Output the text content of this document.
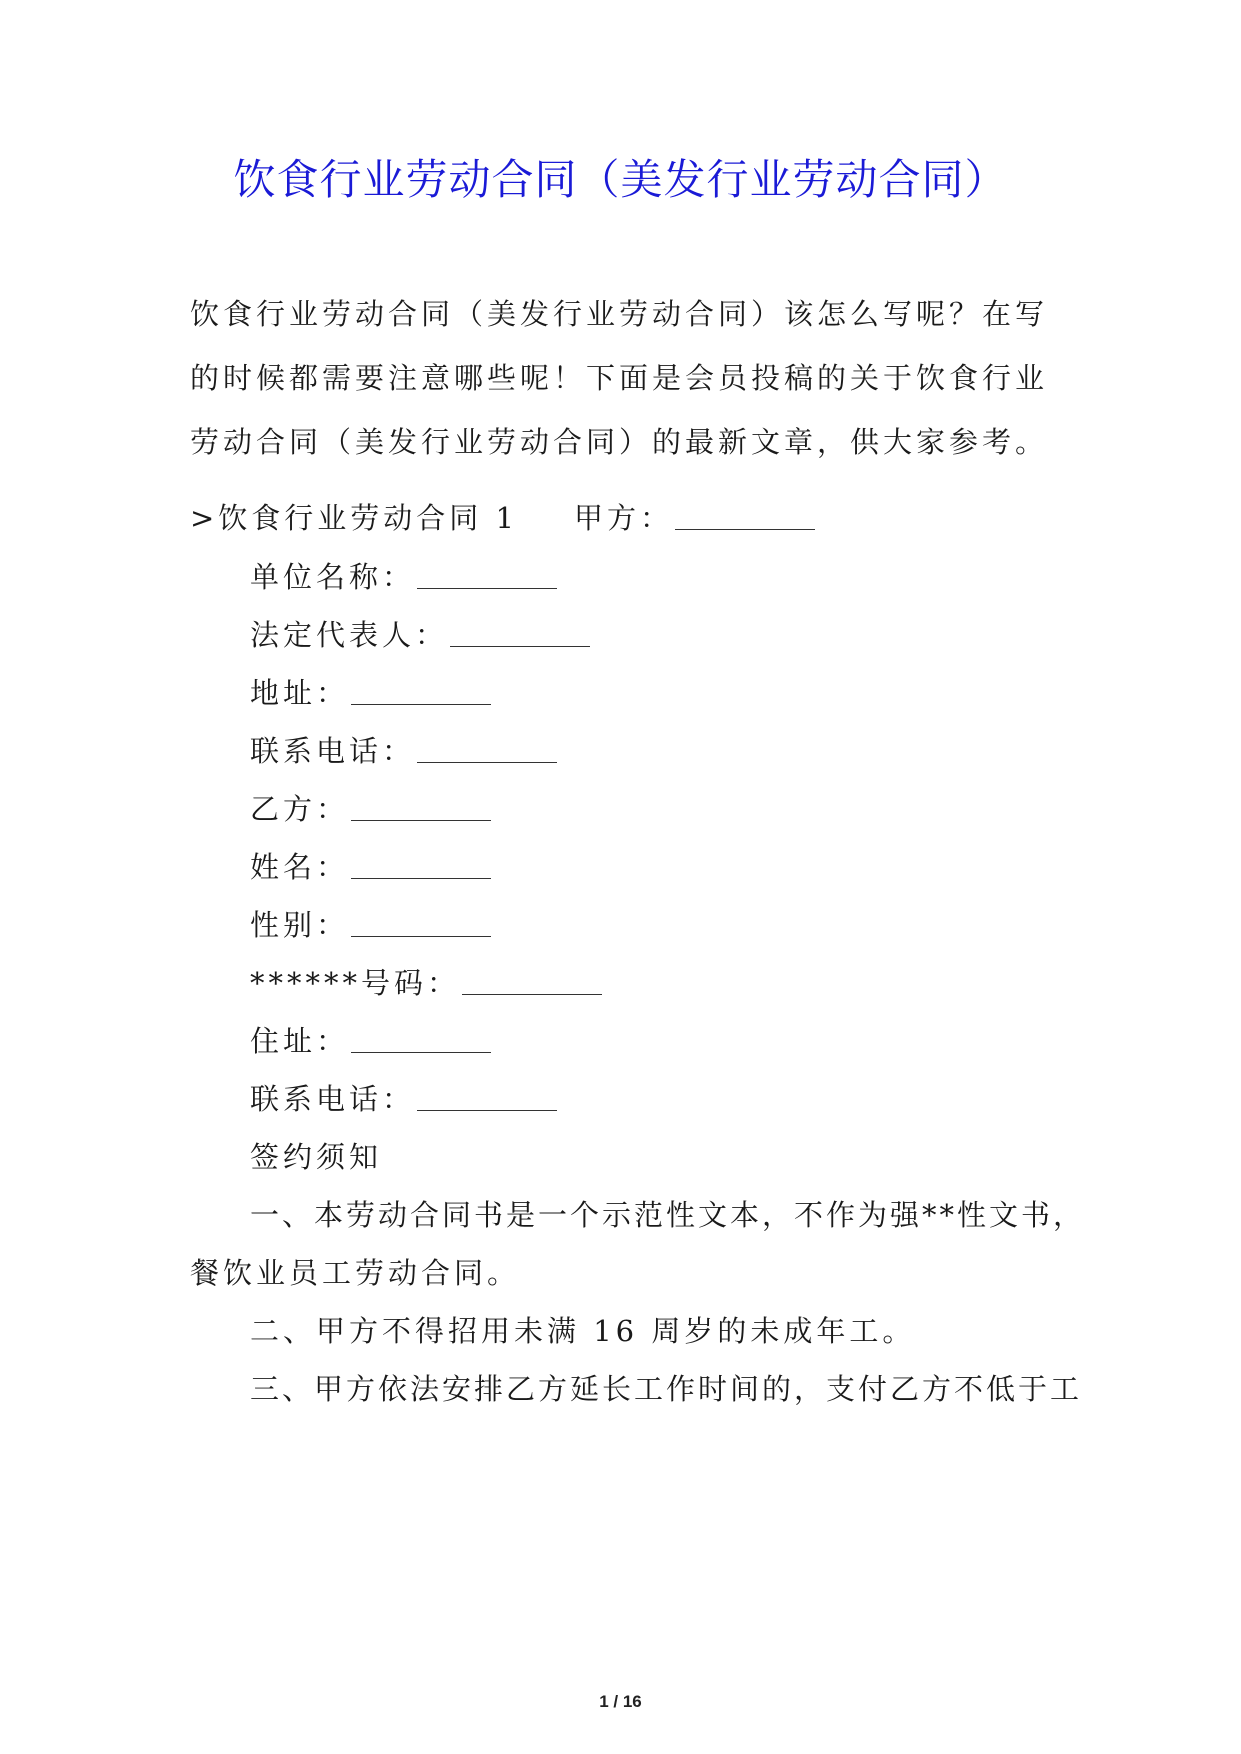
饮食行业劳动合同（美发行业劳动合同）

饮食行业劳动合同（美发行业劳动合同）该怎么写呢？在写的时候都需要注意哪些呢！下面是会员投稿的关于饮食行业劳动合同（美发行业劳动合同）的最新文章，供大家参考。

>饮食行业劳动合同 1 甲方：
单位名称：
法定代表人：
地址：
联系电话：
乙方：
姓名：
性别：
******号码：
住址：
联系电话：
签约须知
一、本劳动合同书是一个示范性文本，不作为强**性文书，
餐饮业员工劳动合同。
二、甲方不得招用未满 16 周岁的未成年工。
三、甲方依法安排乙方延长工作时间的，支付乙方不低于工
1 / 16
